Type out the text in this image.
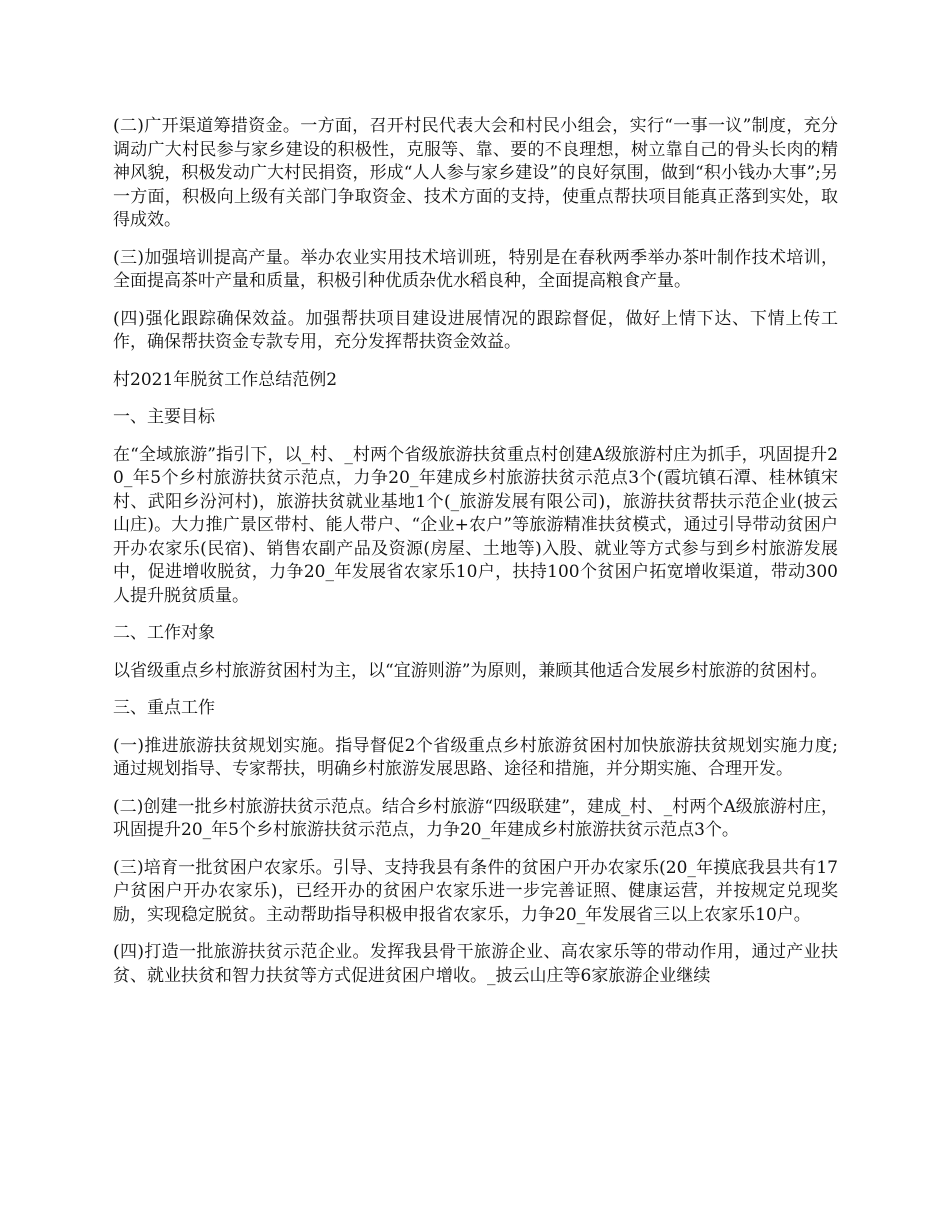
(二)广开渠道筹措资金。一方面，召开村民代表大会和村民小组会，实行“一事一议”制度，充分调动广大村民参与家乡建设的积极性，克服等、靠、要的不良理想，树立靠自己的骨头长肉的精神风貌，积极发动广大村民捐资，形成“人人参与家乡建设”的良好氛围，做到“积小钱办大事”;另一方面，积极向上级有关部门争取资金、技术方面的支持，使重点帮扶项目能真正落到实处，取得成效。

(三)加强培训提高产量。举办农业实用技术培训班，特别是在春秋两季举办茶叶制作技术培训，全面提高茶叶产量和质量，积极引种优质杂优水稻良种，全面提高粮食产量。

(四)强化跟踪确保效益。加强帮扶项目建设进展情况的跟踪督促，做好上情下达、下情上传工作，确保帮扶资金专款专用，充分发挥帮扶资金效益。

村2021年脱贫工作总结范例2

一、主要目标

在“全域旅游”指引下，以_村、_村两个省级旅游扶贫重点村创建A级旅游村庄为抓手，巩固提升20_年5个乡村旅游扶贫示范点，力争20_年建成乡村旅游扶贫示范点3个(霞坑镇石潭、桂林镇宋村、武阳乡汾河村)，旅游扶贫就业基地1个(_旅游发展有限公司)，旅游扶贫帮扶示范企业(披云山庄)。大力推广景区带村、能人带户、“企业+农户”等旅游精准扶贫模式，通过引导带动贫困户开办农家乐(民宿)、销售农副产品及资源(房屋、土地等)入股、就业等方式参与到乡村旅游发展中，促进增收脱贫，力争20_年发展省农家乐10户，扶持100个贫困户拓宽增收渠道，带动300人提升脱贫质量。

二、工作对象

以省级重点乡村旅游贫困村为主，以“宜游则游”为原则，兼顾其他适合发展乡村旅游的贫困村。

三、重点工作

(一)推进旅游扶贫规划实施。指导督促2个省级重点乡村旅游贫困村加快旅游扶贫规划实施力度;通过规划指导、专家帮扶，明确乡村旅游发展思路、途径和措施，并分期实施、合理开发。

(二)创建一批乡村旅游扶贫示范点。结合乡村旅游“四级联建”，建成_村、_村两个A级旅游村庄，巩固提升20_年5个乡村旅游扶贫示范点，力争20_年建成乡村旅游扶贫示范点3个。

(三)培育一批贫困户农家乐。引导、支持我县有条件的贫困户开办农家乐(20_年摸底我县共有17户贫困户开办农家乐)，已经开办的贫困户农家乐进一步完善证照、健康运营，并按规定兑现奖励，实现稳定脱贫。主动帮助指导积极申报省农家乐，力争20_年发展省三以上农家乐10户。

(四)打造一批旅游扶贫示范企业。发挥我县骨干旅游企业、高农家乐等的带动作用，通过产业扶贫、就业扶贫和智力扶贫等方式促进贫困户增收。_披云山庄等6家旅游企业继续
